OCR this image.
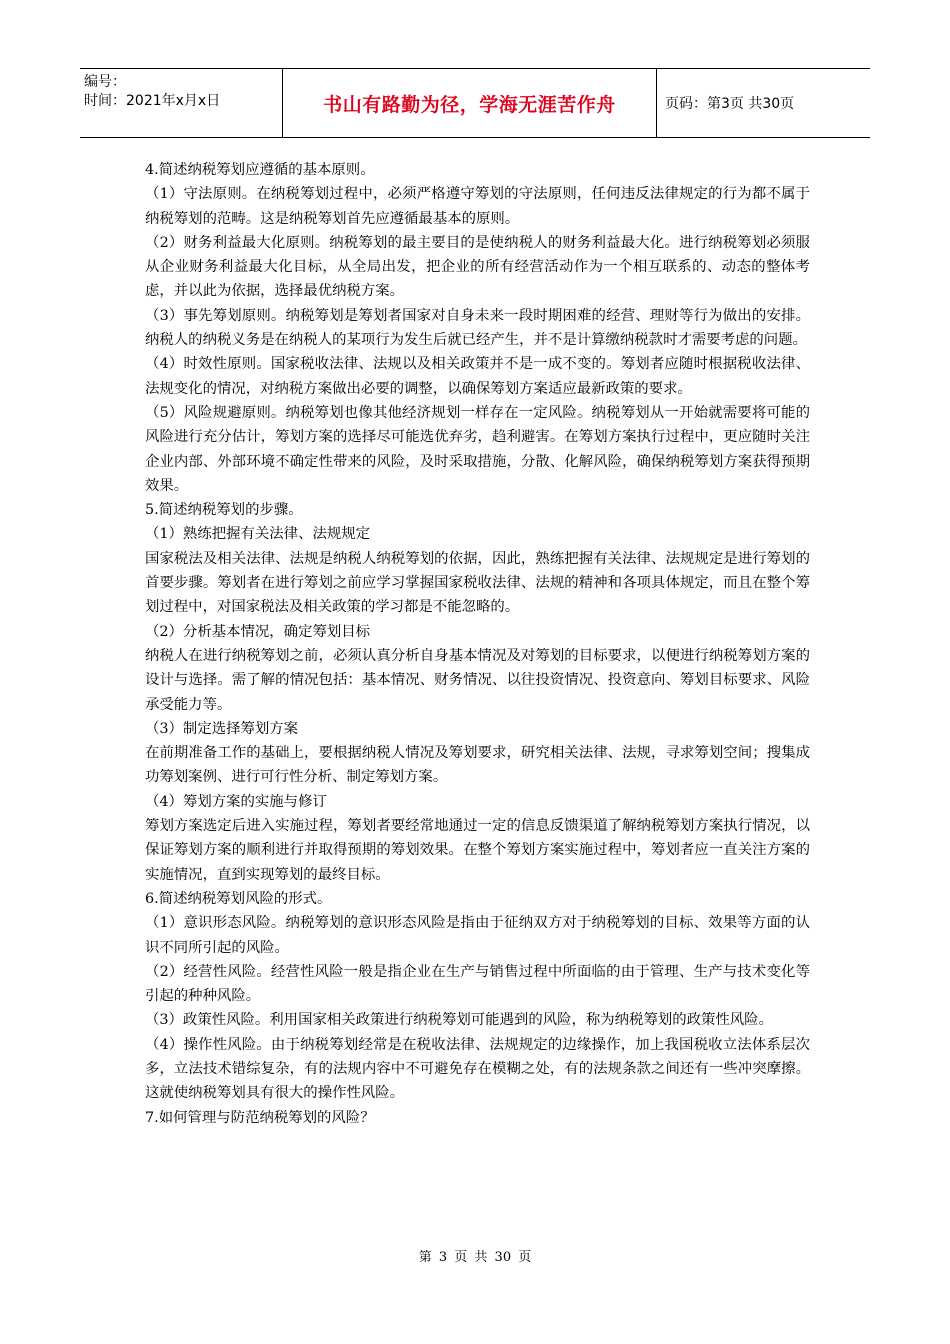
编号：
时间：2021年x月x日	书山有路勤为径，学海无涯苦作舟	页码：第3页 共30页

4.简述纳税筹划应遵循的基本原则。

（1）守法原则。在纳税筹划过程中，必须严格遵守筹划的守法原则，任何违反法律规定的行为都不属于纳税筹划的范畴。这是纳税筹划首先应遵循最基本的原则。

（2）财务利益最大化原则。纳税筹划的最主要目的是使纳税人的财务利益最大化。进行纳税筹划必须服从企业财务利益最大化目标，从全局出发，把企业的所有经营活动作为一个相互联系的、动态的整体考虑，并以此为依据，选择最优纳税方案。

（3）事先筹划原则。纳税筹划是筹划者国家对自身未来一段时期困难的经营、理财等行为做出的安排。纳税人的纳税义务是在纳税人的某项行为发生后就已经产生，并不是计算缴纳税款时才需要考虑的问题。

（4）时效性原则。国家税收法律、法规以及相关政策并不是一成不变的。筹划者应随时根据税收法律、法规变化的情况，对纳税方案做出必要的调整，以确保筹划方案适应最新政策的要求。

（5）风险规避原则。纳税筹划也像其他经济规划一样存在一定风险。纳税筹划从一开始就需要将可能的风险进行充分估计，筹划方案的选择尽可能选优弃劣，趋利避害。在筹划方案执行过程中，更应随时关注企业内部、外部环境不确定性带来的风险，及时采取措施，分散、化解风险，确保纳税筹划方案获得预期效果。

5.简述纳税筹划的步骤。

（1）熟练把握有关法律、法规规定

国家税法及相关法律、法规是纳税人纳税筹划的依据，因此，熟练把握有关法律、法规规定是进行筹划的首要步骤。筹划者在进行筹划之前应学习掌握国家税收法律、法规的精神和各项具体规定，而且在整个筹划过程中，对国家税法及相关政策的学习都是不能忽略的。

（2）分析基本情况，确定筹划目标

纳税人在进行纳税筹划之前，必须认真分析自身基本情况及对筹划的目标要求，以便进行纳税筹划方案的设计与选择。需了解的情况包括：基本情况、财务情况、以往投资情况、投资意向、筹划目标要求、风险承受能力等。

（3）制定选择筹划方案

在前期准备工作的基础上，要根据纳税人情况及筹划要求，研究相关法律、法规，寻求筹划空间；搜集成功筹划案例、进行可行性分析、制定筹划方案。

（4）筹划方案的实施与修订

筹划方案选定后进入实施过程，筹划者要经常地通过一定的信息反馈渠道了解纳税筹划方案执行情况，以保证筹划方案的顺利进行并取得预期的筹划效果。在整个筹划方案实施过程中，筹划者应一直关注方案的实施情况，直到实现筹划的最终目标。

6.简述纳税筹划风险的形式。

（1）意识形态风险。纳税筹划的意识形态风险是指由于征纳双方对于纳税筹划的目标、效果等方面的认识不同所引起的风险。

（2）经营性风险。经营性风险一般是指企业在生产与销售过程中所面临的由于管理、生产与技术变化等引起的种种风险。

（3）政策性风险。利用国家相关政策进行纳税筹划可能遇到的风险，称为纳税筹划的政策性风险。

（4）操作性风险。由于纳税筹划经常是在税收法律、法规规定的边缘操作，加上我国税收立法体系层次多，立法技术错综复杂，有的法规内容中不可避免存在模糊之处，有的法规条款之间还有一些冲突摩擦。这就使纳税筹划具有很大的操作性风险。

7.如何管理与防范纳税筹划的风险？

第 3 页 共 30 页
